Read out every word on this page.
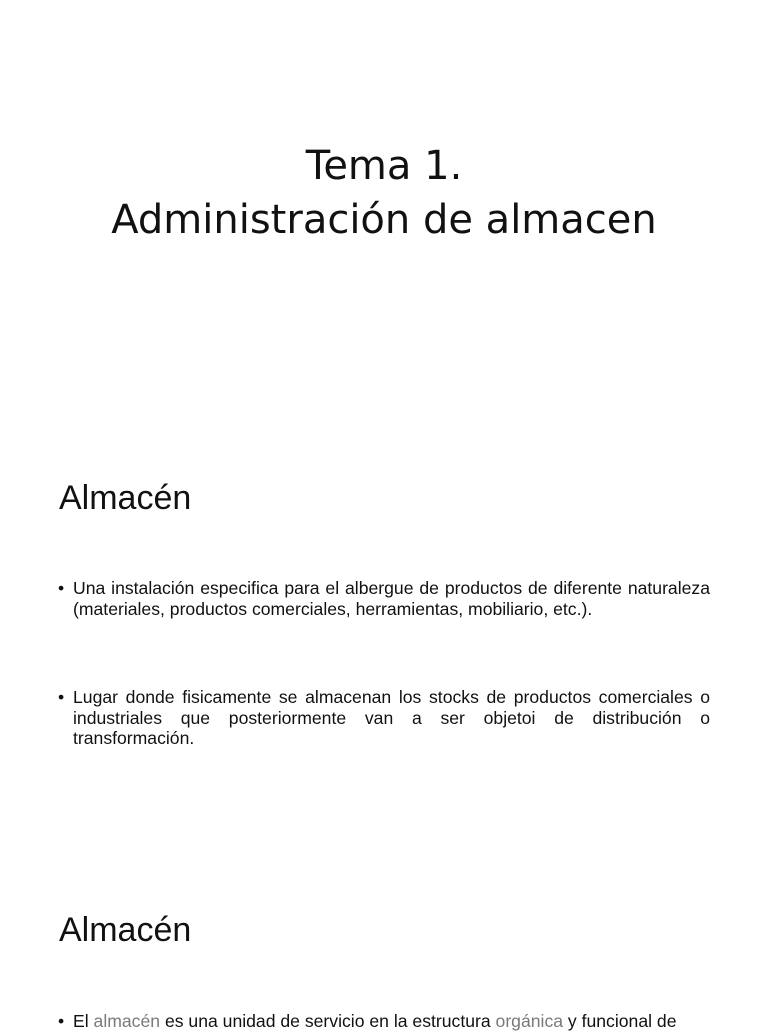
Tema 1.
Administración de almacen
Almacén
• Una instalación especifica para el albergue de productos de diferente naturaleza (materiales, productos comerciales, herramientas, mobiliario, etc.).
• Lugar donde fisicamente se almacenan los stocks de productos comerciales o industriales que posteriormente van a ser objetoi de distribución o transformación.
Almacén
• El almacén es una unidad de servicio en la estructura orgánica y funcional de
